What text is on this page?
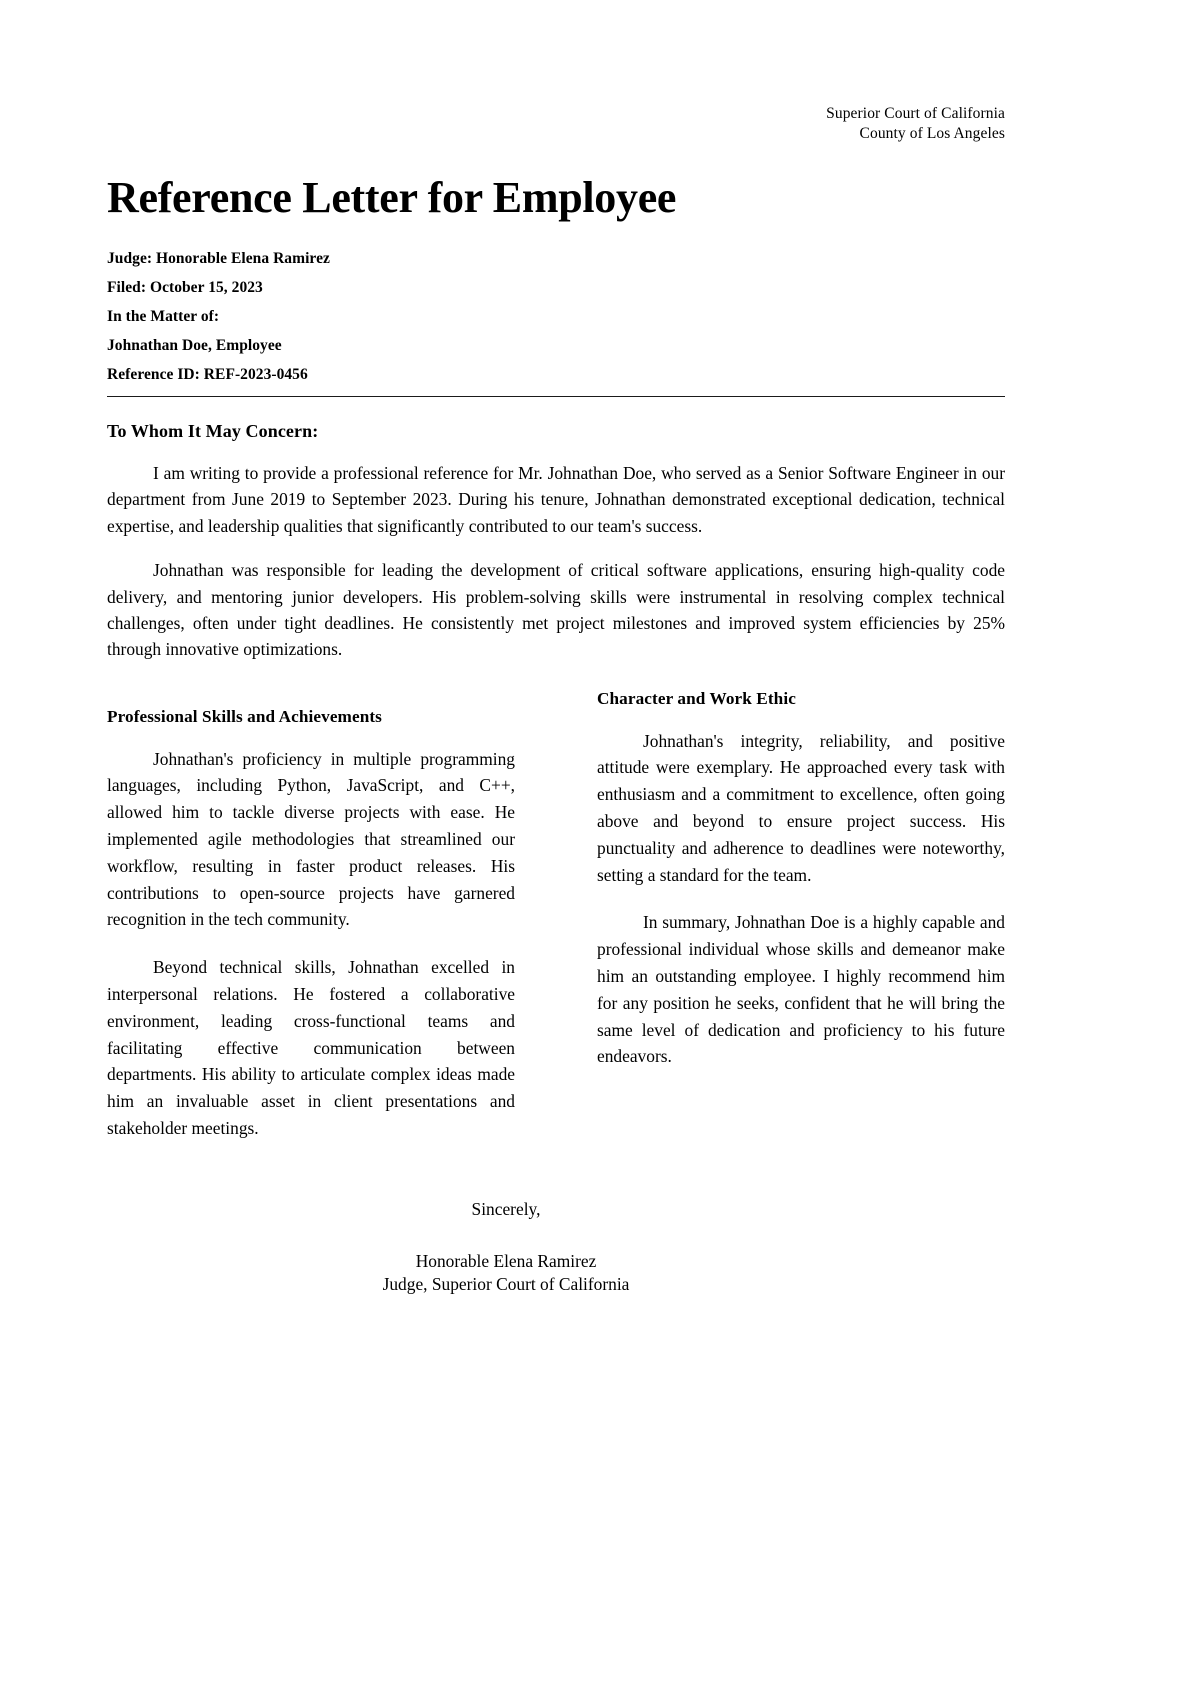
Superior Court of California
County of Los Angeles
Reference Letter for Employee
Judge: Honorable Elena Ramirez
Filed: October 15, 2023
In the Matter of:
Johnathan Doe, Employee
Reference ID: REF-2023-0456
To Whom It May Concern:

I am writing to provide a professional reference for Mr. Johnathan Doe, who served as a Senior Software Engineer in our department from June 2019 to September 2023. During his tenure, Johnathan demonstrated exceptional dedication, technical expertise, and leadership qualities that significantly contributed to our team's success.

Johnathan was responsible for leading the development of critical software applications, ensuring high-quality code delivery, and mentoring junior developers. His problem-solving skills were instrumental in resolving complex technical challenges, often under tight deadlines. He consistently met project milestones and improved system efficiencies by 25% through innovative optimizations.

Professional Skills and Achievements

Johnathan's proficiency in multiple programming languages, including Python, JavaScript, and C++, allowed him to tackle diverse projects with ease. He implemented agile methodologies that streamlined our workflow, resulting in faster product releases. His contributions to open-source projects have garnered recognition in the tech community.

Beyond technical skills, Johnathan excelled in interpersonal relations. He fostered a collaborative environment, leading cross-functional teams and facilitating effective communication between departments. His ability to articulate complex ideas made him an invaluable asset in client presentations and stakeholder meetings.

Character and Work Ethic

Johnathan's integrity, reliability, and positive attitude were exemplary. He approached every task with enthusiasm and a commitment to excellence, often going above and beyond to ensure project success. His punctuality and adherence to deadlines were noteworthy, setting a standard for the team.

In summary, Johnathan Doe is a highly capable and professional individual whose skills and demeanor make him an outstanding employee. I highly recommend him for any position he seeks, confident that he will bring the same level of dedication and proficiency to his future endeavors.

Sincerely,
Honorable Elena Ramirez
Judge, Superior Court of California
